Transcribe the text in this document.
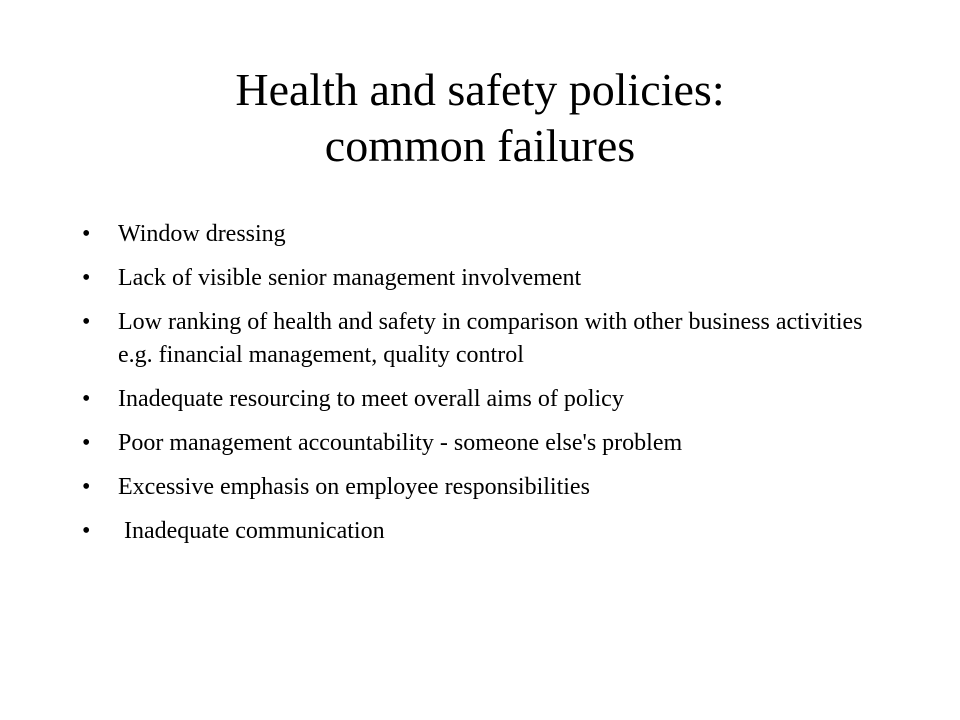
Health and safety policies:
common failures
•	Window dressing
•	Lack of visible senior management involvement
•	Low ranking of health and safety in comparison with other business activities e.g. financial management, quality control
•	Inadequate resourcing to meet overall aims of policy
•	Poor management accountability - someone else's problem
•	Excessive emphasis on employee responsibilities
•	Inadequate communication
